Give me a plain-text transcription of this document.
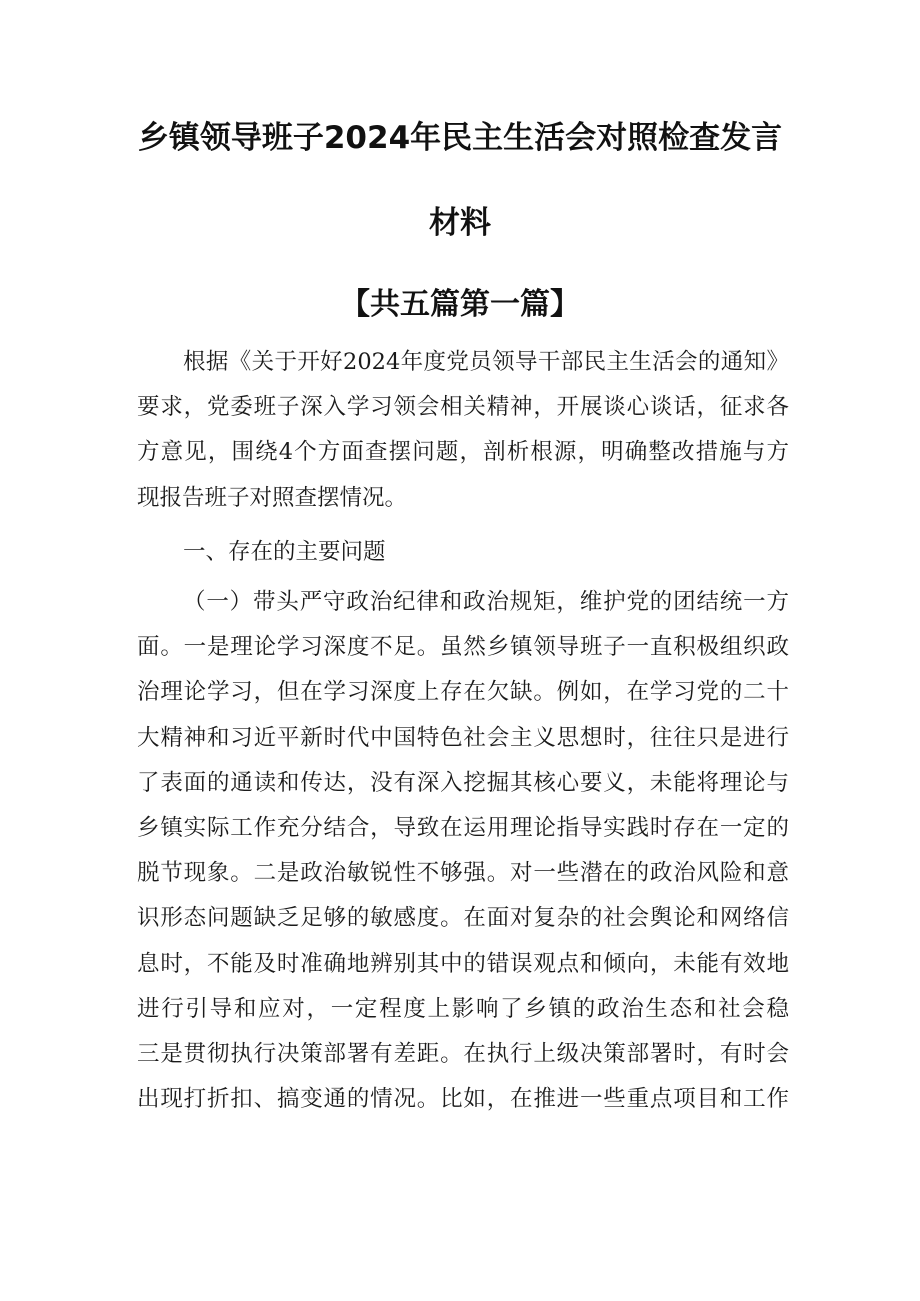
乡镇领导班子2024年民主生活会对照检查发言
材料
【共五篇第一篇】
根据《关于开好2024年度党员领导干部民主生活会的通知》
要求，党委班子深入学习领会相关精神，开展谈心谈话，征求各
方意见，围绕4个方面查摆问题，剖析根源，明确整改措施与方
现报告班子对照查摆情况。
一、存在的主要问题
（一）带头严守政治纪律和政治规矩，维护党的团结统一方
面。一是理论学习深度不足。虽然乡镇领导班子一直积极组织政
治理论学习，但在学习深度上存在欠缺。例如，在学习党的二十
大精神和习近平新时代中国特色社会主义思想时，往往只是进行
了表面的通读和传达，没有深入挖掘其核心要义，未能将理论与
乡镇实际工作充分结合，导致在运用理论指导实践时存在一定的
脱节现象。二是政治敏锐性不够强。对一些潜在的政治风险和意
识形态问题缺乏足够的敏感度。在面对复杂的社会舆论和网络信
息时，不能及时准确地辨别其中的错误观点和倾向，未能有效地
进行引导和应对，一定程度上影响了乡镇的政治生态和社会稳
三是贯彻执行决策部署有差距。在执行上级决策部署时，有时会
出现打折扣、搞变通的情况。比如，在推进一些重点项目和工作
